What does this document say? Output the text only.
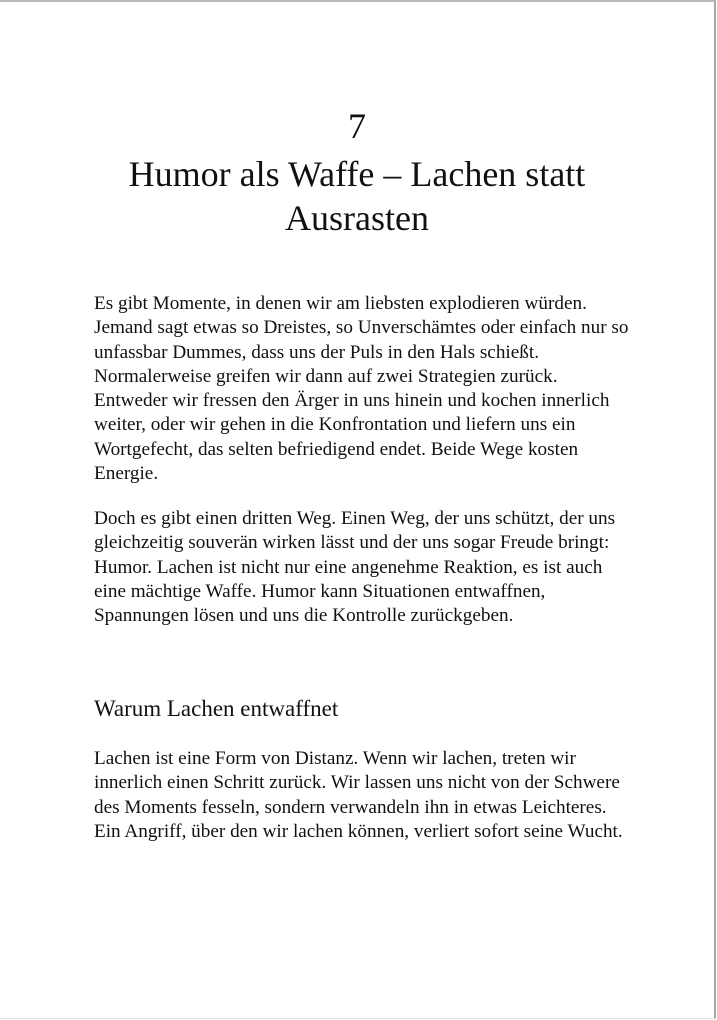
7
Humor als Waffe – Lachen statt Ausrasten

Es gibt Momente, in denen wir am liebsten explodieren würden. Jemand sagt etwas so Dreistes, so Unverschämtes oder einfach nur so unfassbar Dummes, dass uns der Puls in den Hals schießt. Normalerweise greifen wir dann auf zwei Strategien zurück. Entweder wir fressen den Ärger in uns hinein und kochen innerlich weiter, oder wir gehen in die Konfrontation und liefern uns ein Wortgefecht, das selten befriedigend endet. Beide Wege kosten Energie.

Doch es gibt einen dritten Weg. Einen Weg, der uns schützt, der uns gleichzeitig souverän wirken lässt und der uns sogar Freude bringt: Humor. Lachen ist nicht nur eine angenehme Reaktion, es ist auch eine mächtige Waffe. Humor kann Situationen entwaffnen, Spannungen lösen und uns die Kontrolle zurückgeben.

Warum Lachen entwaffnet

Lachen ist eine Form von Distanz. Wenn wir lachen, treten wir innerlich einen Schritt zurück. Wir lassen uns nicht von der Schwere des Moments fesseln, sondern verwandeln ihn in etwas Leichteres. Ein Angriff, über den wir lachen können, verliert sofort seine Wucht.
